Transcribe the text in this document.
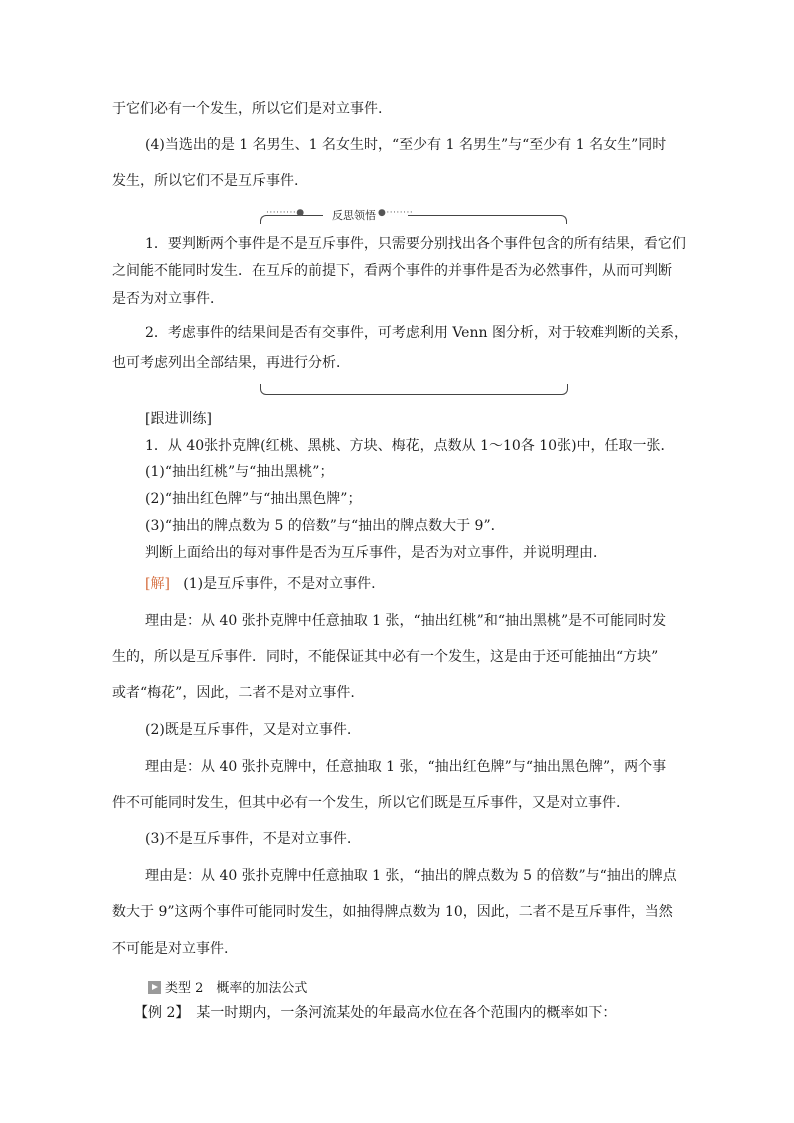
于它们必有一个发生，所以它们是对立事件.
(4)当选出的是 1 名男生、1 名女生时，“至少有 1 名男生”与“至少有 1 名女生”同时
发生，所以它们不是互斥事件.
·········● 反思领悟 ●········
1．要判断两个事件是不是互斥事件，只需要分别找出各个事件包含的所有结果，看它们
之间能不能同时发生．在互斥的前提下，看两个事件的并事件是否为必然事件，从而可判断
是否为对立事件．
2．考虑事件的结果间是否有交事件，可考虑利用 Venn 图分析，对于较难判断的关系，
也可考虑列出全部结果，再进行分析．
[跟进训练]
1．从 40张扑克牌(红桃、黑桃、方块、梅花，点数从 1～10各 10张)中，任取一张．
(1)“抽出红桃”与“抽出黑桃”；
(2)“抽出红色牌”与“抽出黑色牌”；
(3)“抽出的牌点数为 5 的倍数”与“抽出的牌点数大于 9”．
判断上面给出的每对事件是否为互斥事件，是否为对立事件，并说明理由．
[解] (1)是互斥事件，不是对立事件.
理由是：从 40 张扑克牌中任意抽取 1 张，“抽出红桃”和“抽出黑桃”是不可能同时发
生的，所以是互斥事件．同时，不能保证其中必有一个发生，这是由于还可能抽出“方块”
或者“梅花”，因此，二者不是对立事件.
(2)既是互斥事件，又是对立事件.
理由是：从 40 张扑克牌中，任意抽取 1 张，“抽出红色牌”与“抽出黑色牌”，两个事
件不可能同时发生，但其中必有一个发生，所以它们既是互斥事件，又是对立事件.
(3)不是互斥事件，不是对立事件.
理由是：从 40 张扑克牌中任意抽取 1 张，“抽出的牌点数为 5 的倍数”与“抽出的牌点
数大于 9”这两个事件可能同时发生，如抽得牌点数为 10，因此，二者不是互斥事件，当然
不可能是对立事件.
类型 2　概率的加法公式
【例 2】　某一时期内，一条河流某处的年最高水位在各个范围内的概率如下：
